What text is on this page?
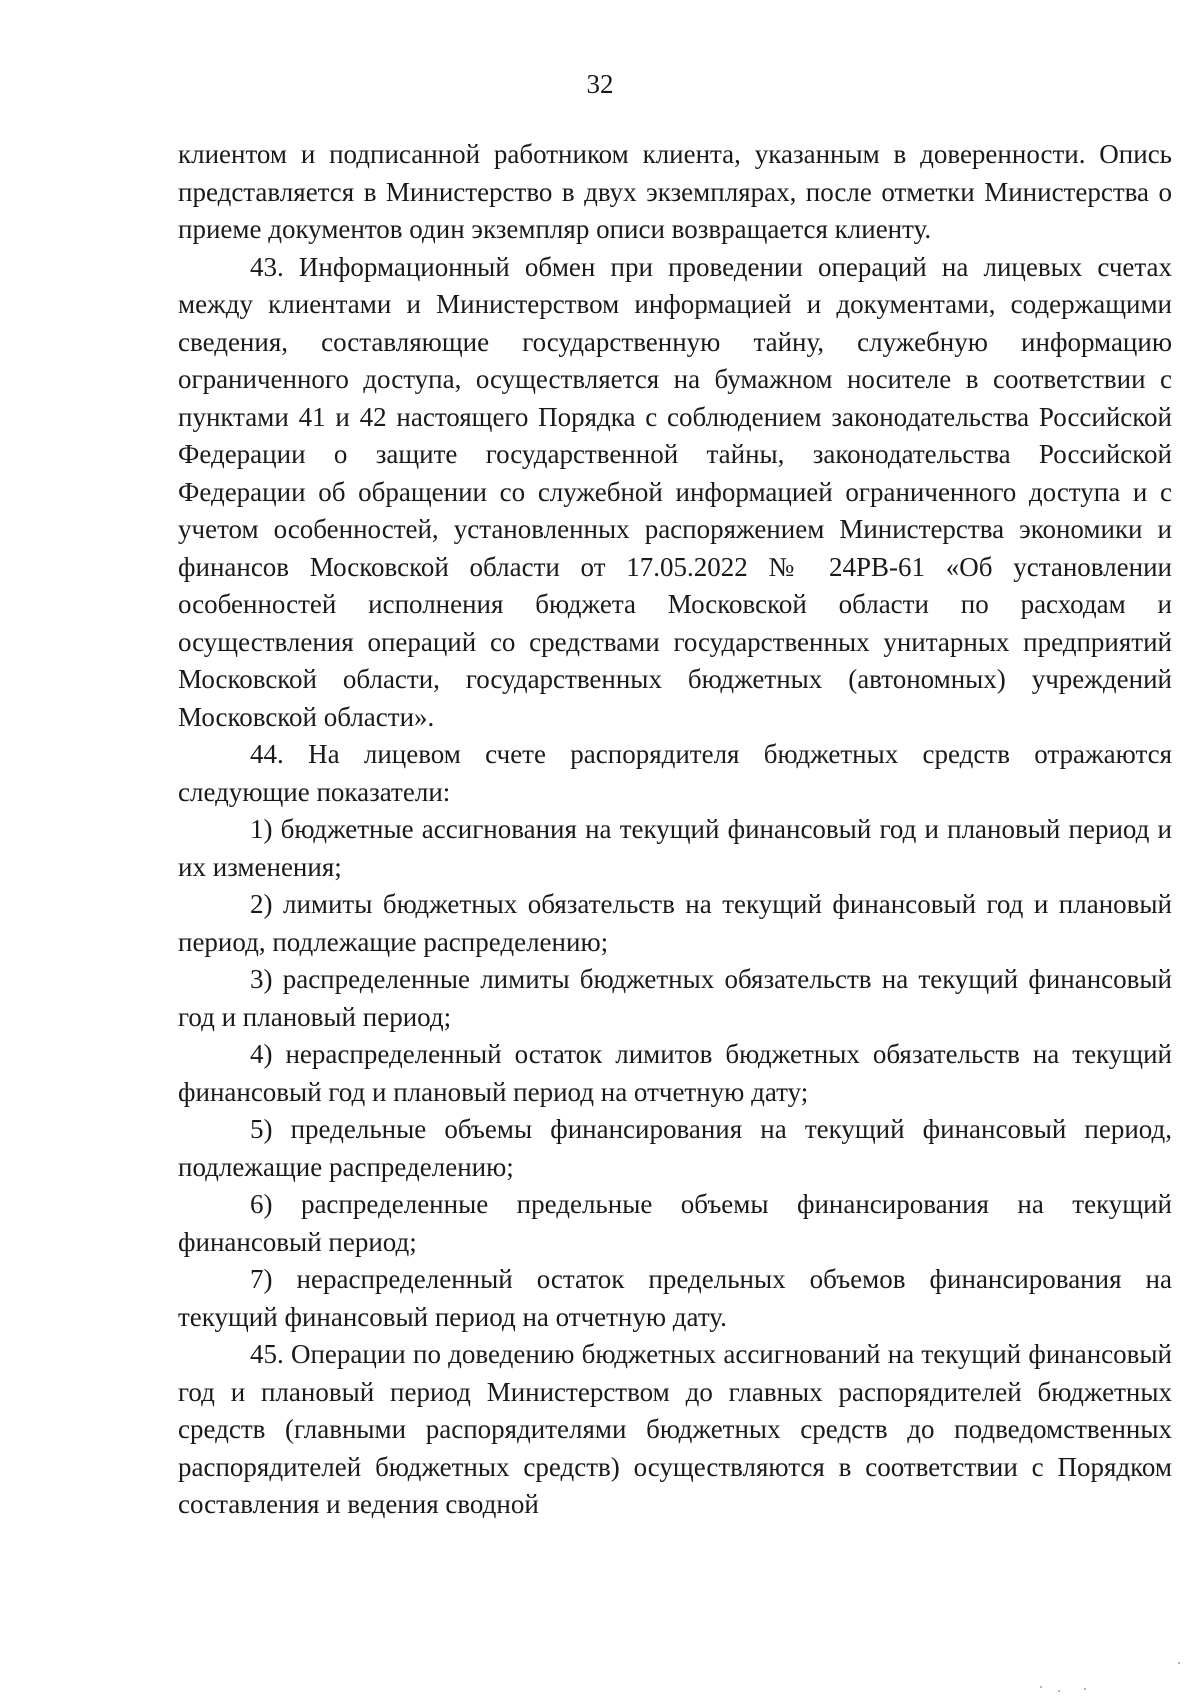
32

клиентом и подписанной работником клиента, указанным в доверенности. Опись представляется в Министерство в двух экземплярах, после отметки Министерства о приеме документов один экземпляр описи возвращается клиенту.

43. Информационный обмен при проведении операций на лицевых счетах между клиентами и Министерством информацией и документами, содержащими сведения, составляющие государственную тайну, служебную информацию ограниченного доступа, осуществляется на бумажном носителе в соответствии с пунктами 41 и 42 настоящего Порядка с соблюдением законодательства Российской Федерации о защите государственной тайны, законодательства Российской Федерации об обращении со служебной информацией ограниченного доступа и с учетом особенностей, установленных распоряжением Министерства экономики и финансов Московской области от 17.05.2022 № 24РВ-61 «Об установлении особенностей исполнения бюджета Московской области по расходам и осуществления операций со средствами государственных унитарных предприятий Московской области, государственных бюджетных (автономных) учреждений Московской области».

44. На лицевом счете распорядителя бюджетных средств отражаются следующие показатели:

1) бюджетные ассигнования на текущий финансовый год и плановый период и их изменения;

2) лимиты бюджетных обязательств на текущий финансовый год и плановый период, подлежащие распределению;

3) распределенные лимиты бюджетных обязательств на текущий финансовый год и плановый период;

4) нераспределенный остаток лимитов бюджетных обязательств на текущий финансовый год и плановый период на отчетную дату;

5) предельные объемы финансирования на текущий финансовый период, подлежащие распределению;

6) распределенные предельные объемы финансирования на текущий финансовый период;

7) нераспределенный остаток предельных объемов финансирования на текущий финансовый период на отчетную дату.

45. Операции по доведению бюджетных ассигнований на текущий финансовый год и плановый период Министерством до главных распорядителей бюджетных средств (главными распорядителями бюджетных средств до подведомственных распорядителей бюджетных средств) осуществляются в соответствии с Порядком составления и ведения сводной
